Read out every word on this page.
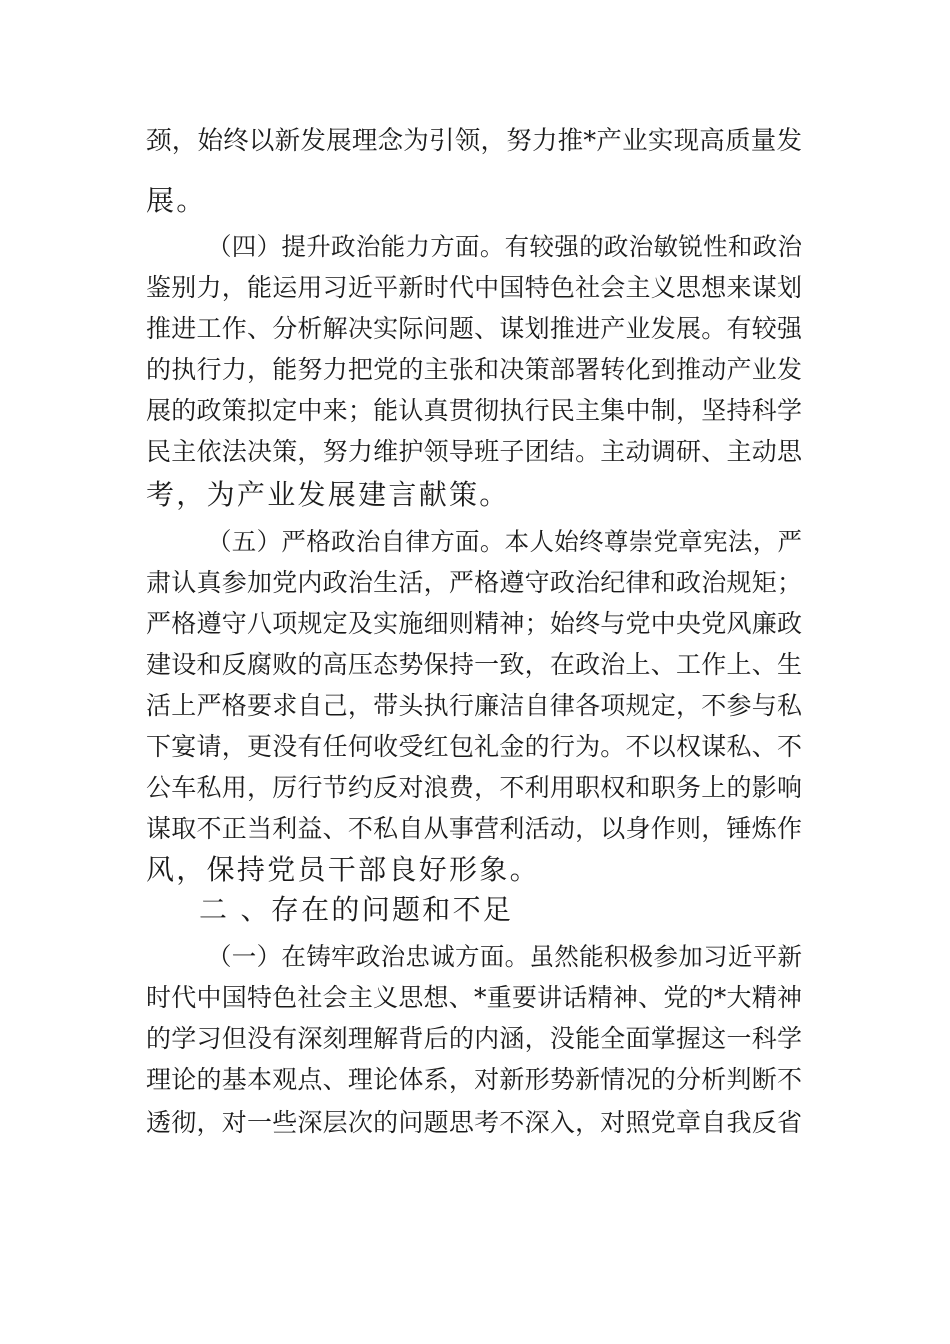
颈，始终以新发展理念为引领，努力推*产业实现高质量发
展。
（四）提升政治能力方面。有较强的政治敏锐性和政治
鉴别力，能运用习近平新时代中国特色社会主义思想来谋划
推进工作、分析解决实际问题、谋划推进产业发展。有较强
的执行力，能努力把党的主张和决策部署转化到推动产业发
展的政策拟定中来；能认真贯彻执行民主集中制，坚持科学
民主依法决策，努力维护领导班子团结。主动调研、主动思
考，为产业发展建言献策。
（五）严格政治自律方面。本人始终尊崇党章宪法，严
肃认真参加党内政治生活，严格遵守政治纪律和政治规矩；
严格遵守八项规定及实施细则精神；始终与党中央党风廉政
建设和反腐败的高压态势保持一致，在政治上、工作上、生
活上严格要求自己，带头执行廉洁自律各项规定，不参与私
下宴请，更没有任何收受红包礼金的行为。不以权谋私、不
公车私用，厉行节约反对浪费，不利用职权和职务上的影响
谋取不正当利益、不私自从事营利活动，以身作则，锤炼作
风，保持党员干部良好形象。
二 、存在的问题和不足
（一）在铸牢政治忠诚方面。虽然能积极参加习近平新
时代中国特色社会主义思想、*重要讲话精神、党的*大精神
的学习但没有深刻理解背后的内涵，没能全面掌握这一科学
理论的基本观点、理论体系，对新形势新情况的分析判断不
透彻，对一些深层次的问题思考不深入，对照党章自我反省
